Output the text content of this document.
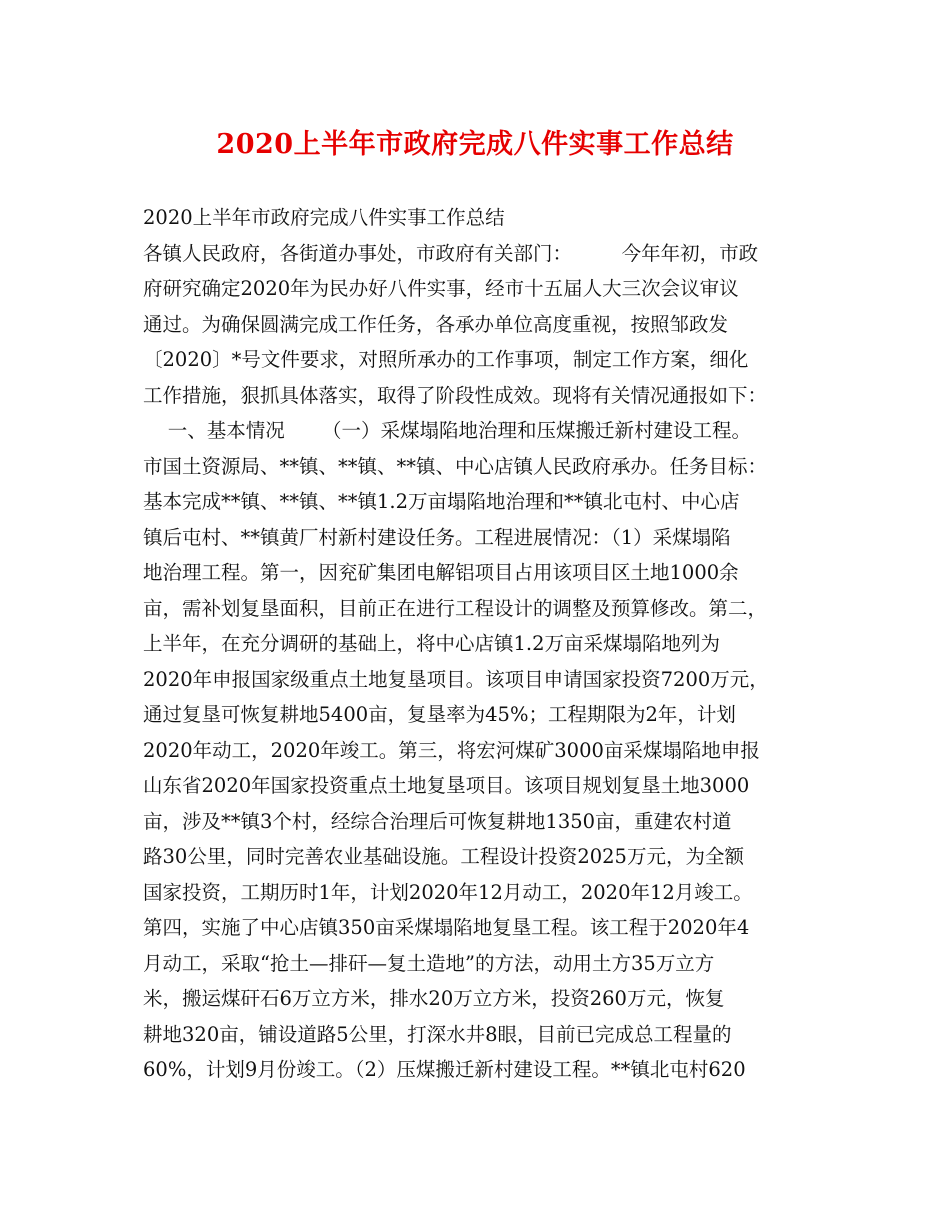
2020上半年市政府完成八件实事工作总结
2020上半年市政府完成八件实事工作总结
各镇人民政府，各街道办事处，市政府有关部门：        今年年初，市政
府研究确定2020年为民办好八件实事，经市十五届人大三次会议审议
通过。为确保圆满完成工作任务，各承办单位高度重视，按照邹政发
〔2020〕*号文件要求，对照所承办的工作事项，制定工作方案，细化
工作措施，狠抓具体落实，取得了阶段性成效。现将有关情况通报如下：
一、基本情况      （一）采煤塌陷地治理和压煤搬迁新村建设工程。
市国土资源局、**镇、**镇、**镇、中心店镇人民政府承办。任务目标：
基本完成**镇、**镇、**镇1.2万亩塌陷地治理和**镇北屯村、中心店
镇后屯村、**镇黄厂村新村建设任务。工程进展情况：（1）采煤塌陷
地治理工程。第一，因兖矿集团电解铝项目占用该项目区土地1000余
亩，需补划复垦面积，目前正在进行工程设计的调整及预算修改。第二，
上半年，在充分调研的基础上，将中心店镇1.2万亩采煤塌陷地列为
2020年申报国家级重点土地复垦项目。该项目申请国家投资7200万元，
通过复垦可恢复耕地5400亩，复垦率为45%；工程期限为2年，计划
2020年动工，2020年竣工。第三，将宏河煤矿3000亩采煤塌陷地申报
山东省2020年国家投资重点土地复垦项目。该项目规划复垦土地3000
亩，涉及**镇3个村，经综合治理后可恢复耕地1350亩，重建农村道
路30公里，同时完善农业基础设施。工程设计投资2025万元，为全额
国家投资，工期历时1年，计划2020年12月动工，2020年12月竣工。
第四，实施了中心店镇350亩采煤塌陷地复垦工程。该工程于2020年4
月动工，采取“抢土—排矸—复土造地”的方法，动用土方35万立方
米，搬运煤矸石6万立方米，排水20万立方米，投资260万元，恢复
耕地320亩，铺设道路5公里，打深水井8眼，目前已完成总工程量的
60%，计划9月份竣工。（2）压煤搬迁新村建设工程。**镇北屯村620
